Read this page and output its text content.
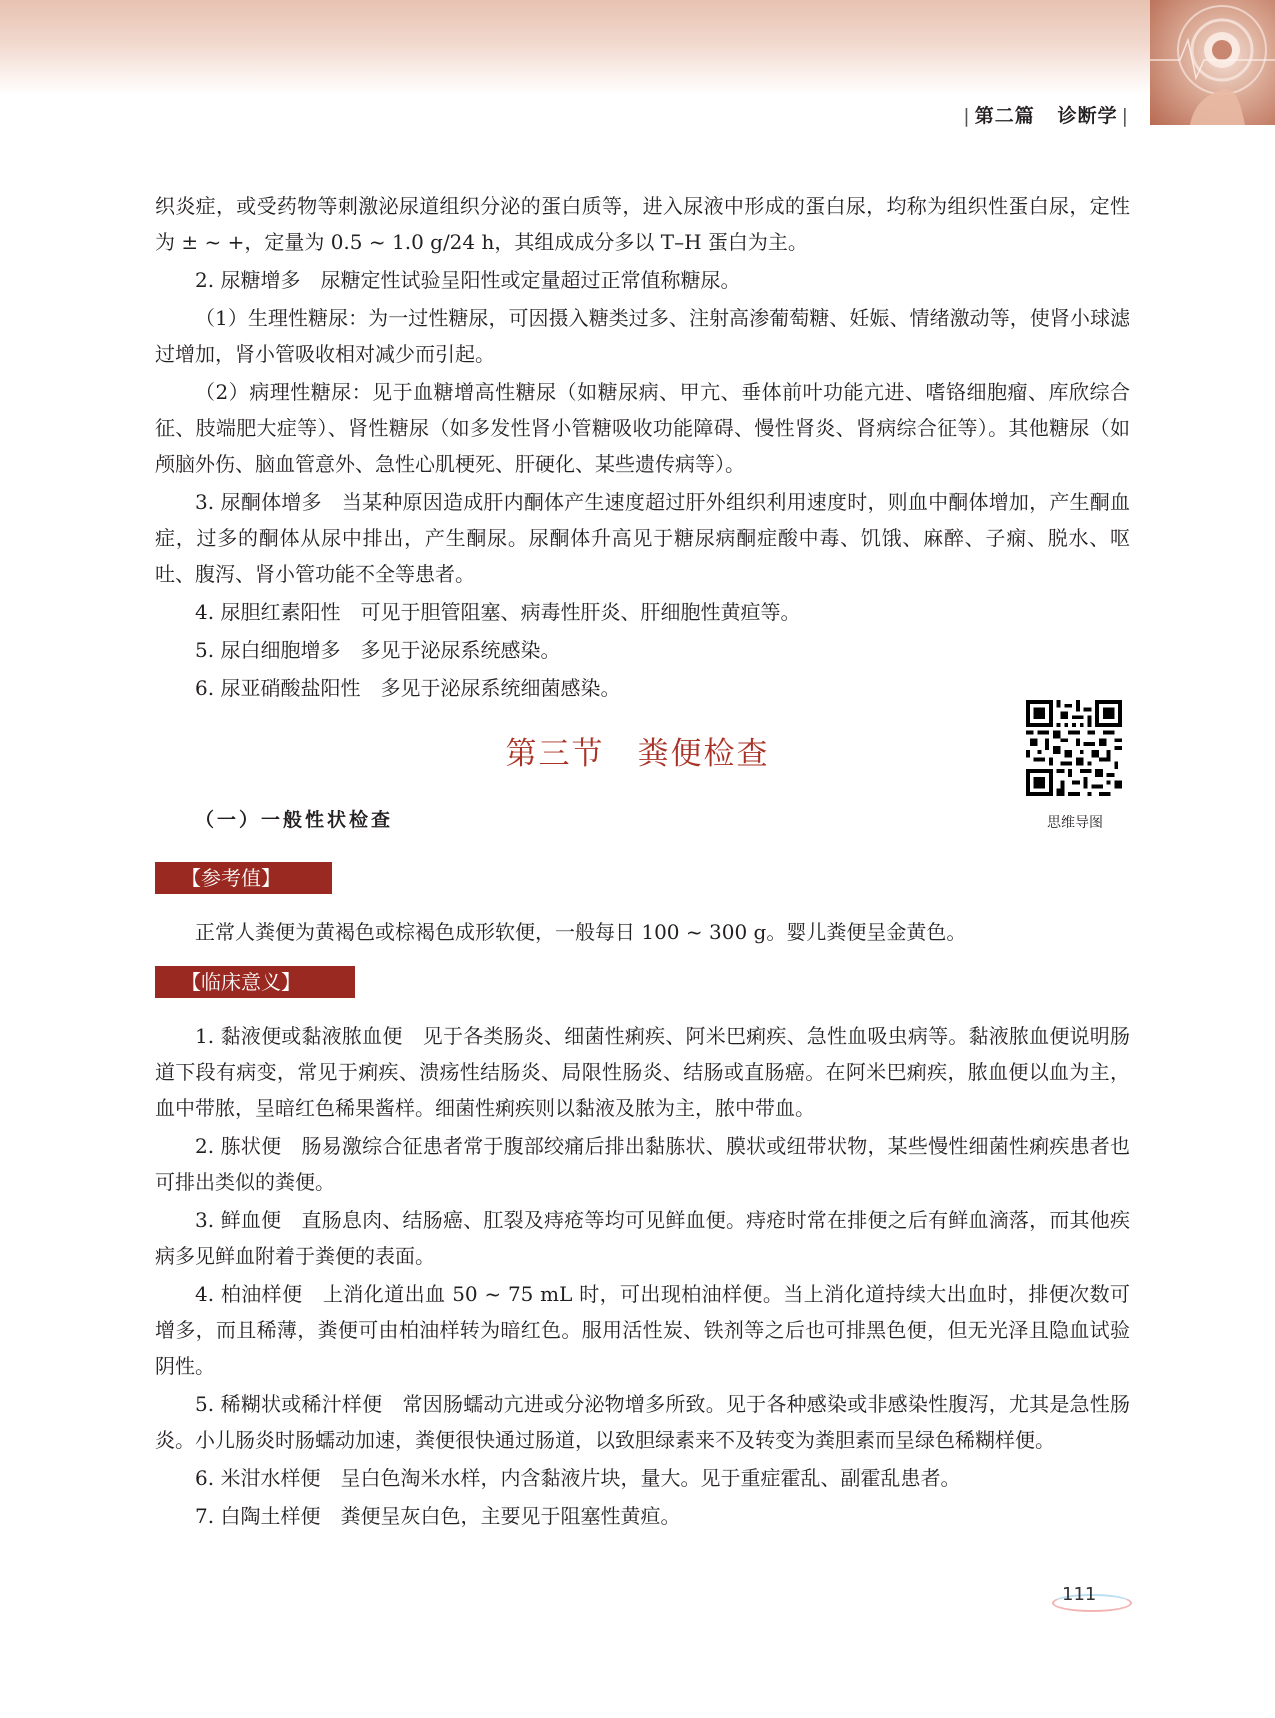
| 第二篇 诊断学 |

织炎症，或受药物等刺激泌尿道组织分泌的蛋白质等，进入尿液中形成的蛋白尿，均称为组织性蛋白尿，定性为 ± ~ +，定量为 0.5 ~ 1.0 g/24 h，其组成成分多以 T–H 蛋白为主。

2. 尿糖增多　尿糖定性试验呈阳性或定量超过正常值称糖尿。

（1）生理性糖尿：为一过性糖尿，可因摄入糖类过多、注射高渗葡萄糖、妊娠、情绪激动等，使肾小球滤过增加，肾小管吸收相对减少而引起。

（2）病理性糖尿：见于血糖增高性糖尿（如糖尿病、甲亢、垂体前叶功能亢进、嗜铬细胞瘤、库欣综合征、肢端肥大症等）、肾性糖尿（如多发性肾小管糖吸收功能障碍、慢性肾炎、肾病综合征等）。其他糖尿（如颅脑外伤、脑血管意外、急性心肌梗死、肝硬化、某些遗传病等）。

3. 尿酮体增多　当某种原因造成肝内酮体产生速度超过肝外组织利用速度时，则血中酮体增加，产生酮血症，过多的酮体从尿中排出，产生酮尿。尿酮体升高见于糖尿病酮症酸中毒、饥饿、麻醉、子痫、脱水、呕吐、腹泻、肾小管功能不全等患者。

4. 尿胆红素阳性　可见于胆管阻塞、病毒性肝炎、肝细胞性黄疸等。

5. 尿白细胞增多　多见于泌尿系统感染。

6. 尿亚硝酸盐阳性　多见于泌尿系统细菌感染。

第三节　粪便检查
思维导图
（一）一般性状检查
【参考值】

正常人粪便为黄褐色或棕褐色成形软便，一般每日 100 ~ 300 g。婴儿粪便呈金黄色。

【临床意义】

1. 黏液便或黏液脓血便　见于各类肠炎、细菌性痢疾、阿米巴痢疾、急性血吸虫病等。黏液脓血便说明肠道下段有病变，常见于痢疾、溃疡性结肠炎、局限性肠炎、结肠或直肠癌。在阿米巴痢疾，脓血便以血为主，血中带脓，呈暗红色稀果酱样。细菌性痢疾则以黏液及脓为主，脓中带血。

2. 胨状便　肠易激综合征患者常于腹部绞痛后排出黏胨状、膜状或纽带状物，某些慢性细菌性痢疾患者也可排出类似的粪便。

3. 鲜血便　直肠息肉、结肠癌、肛裂及痔疮等均可见鲜血便。痔疮时常在排便之后有鲜血滴落，而其他疾病多见鲜血附着于粪便的表面。

4. 柏油样便　上消化道出血 50 ~ 75 mL 时，可出现柏油样便。当上消化道持续大出血时，排便次数可增多，而且稀薄，粪便可由柏油样转为暗红色。服用活性炭、铁剂等之后也可排黑色便，但无光泽且隐血试验阴性。

5. 稀糊状或稀汁样便　常因肠蠕动亢进或分泌物增多所致。见于各种感染或非感染性腹泻，尤其是急性肠炎。小儿肠炎时肠蠕动加速，粪便很快通过肠道，以致胆绿素来不及转变为粪胆素而呈绿色稀糊样便。

6. 米泔水样便　呈白色淘米水样，内含黏液片块，量大。见于重症霍乱、副霍乱患者。

7. 白陶土样便　粪便呈灰白色，主要见于阻塞性黄疸。

111
